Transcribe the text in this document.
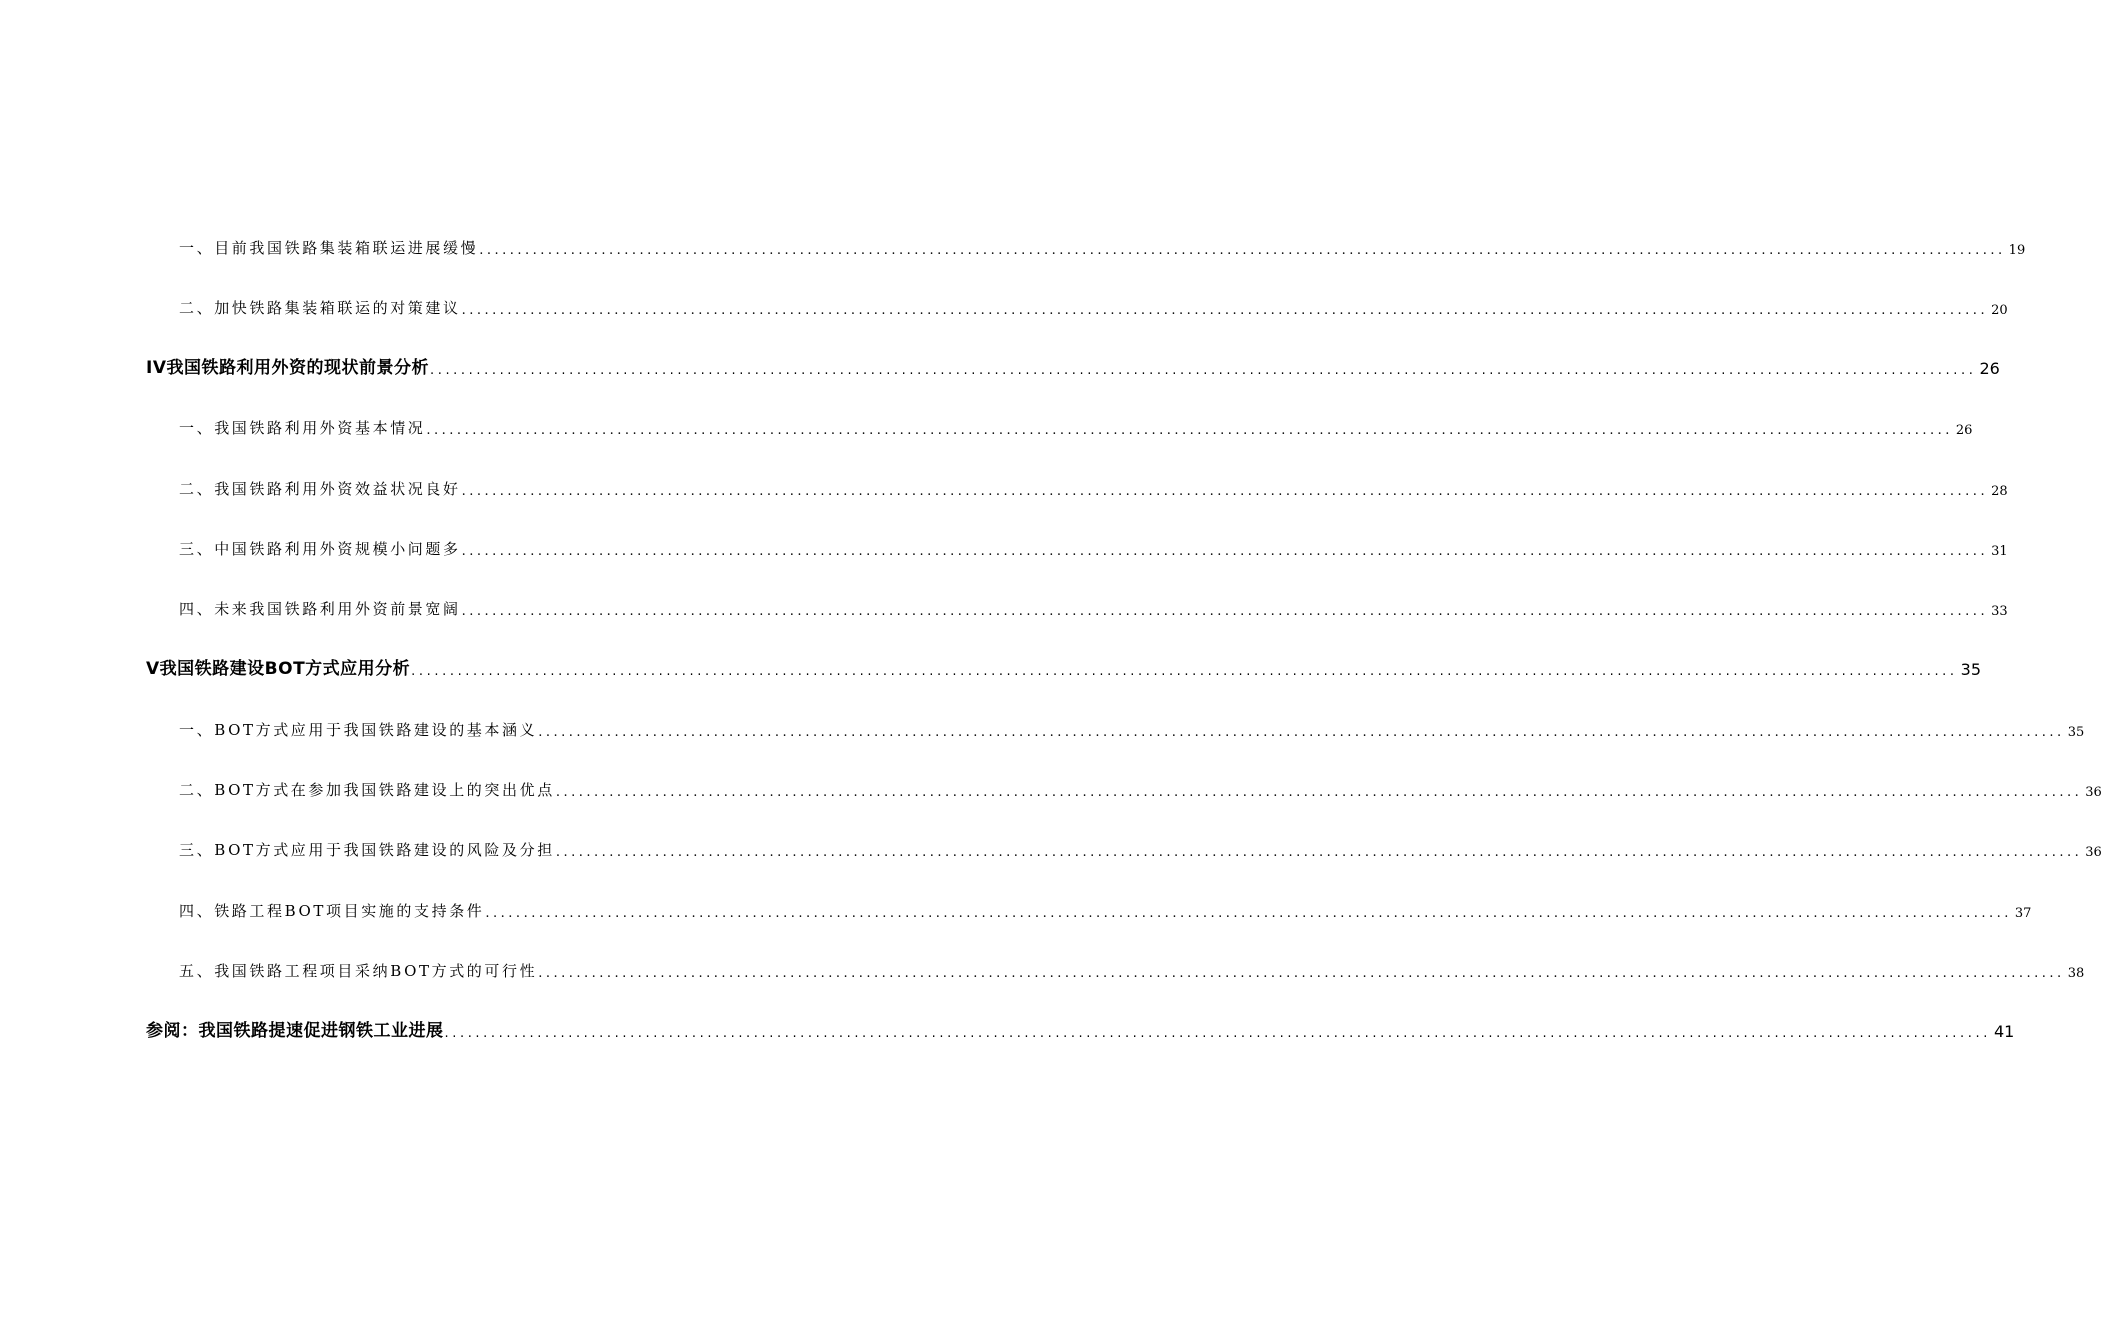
一、目前我国铁路集装箱联运进展缓慢 ........................................................................................................................................................................................................ 19
二、加快铁路集装箱联运的对策建议 ........................................................................................................................................................................................................ 20
IV我国铁路利用外资的现状前景分析 ........................................................................................................................................................................................................ 26
一、我国铁路利用外资基本情况 ........................................................................................................................................................................................................ 26
二、我国铁路利用外资效益状况良好 ........................................................................................................................................................................................................ 28
三、中国铁路利用外资规模小问题多 ........................................................................................................................................................................................................ 31
四、未来我国铁路利用外资前景宽阔 ........................................................................................................................................................................................................ 33
V我国铁路建设BOT方式应用分析 ........................................................................................................................................................................................................ 35
一、BOT方式应用于我国铁路建设的基本涵义 ........................................................................................................................................................................................................ 35
二、BOT方式在参加我国铁路建设上的突出优点 ........................................................................................................................................................................................................ 36
三、BOT方式应用于我国铁路建设的风险及分担 ........................................................................................................................................................................................................ 36
四、铁路工程BOT项目实施的支持条件 ........................................................................................................................................................................................................ 37
五、我国铁路工程项目采纳BOT方式的可行性 ........................................................................................................................................................................................................ 38
参阅：我国铁路提速促进钢铁工业进展 ........................................................................................................................................................................................................ 41
